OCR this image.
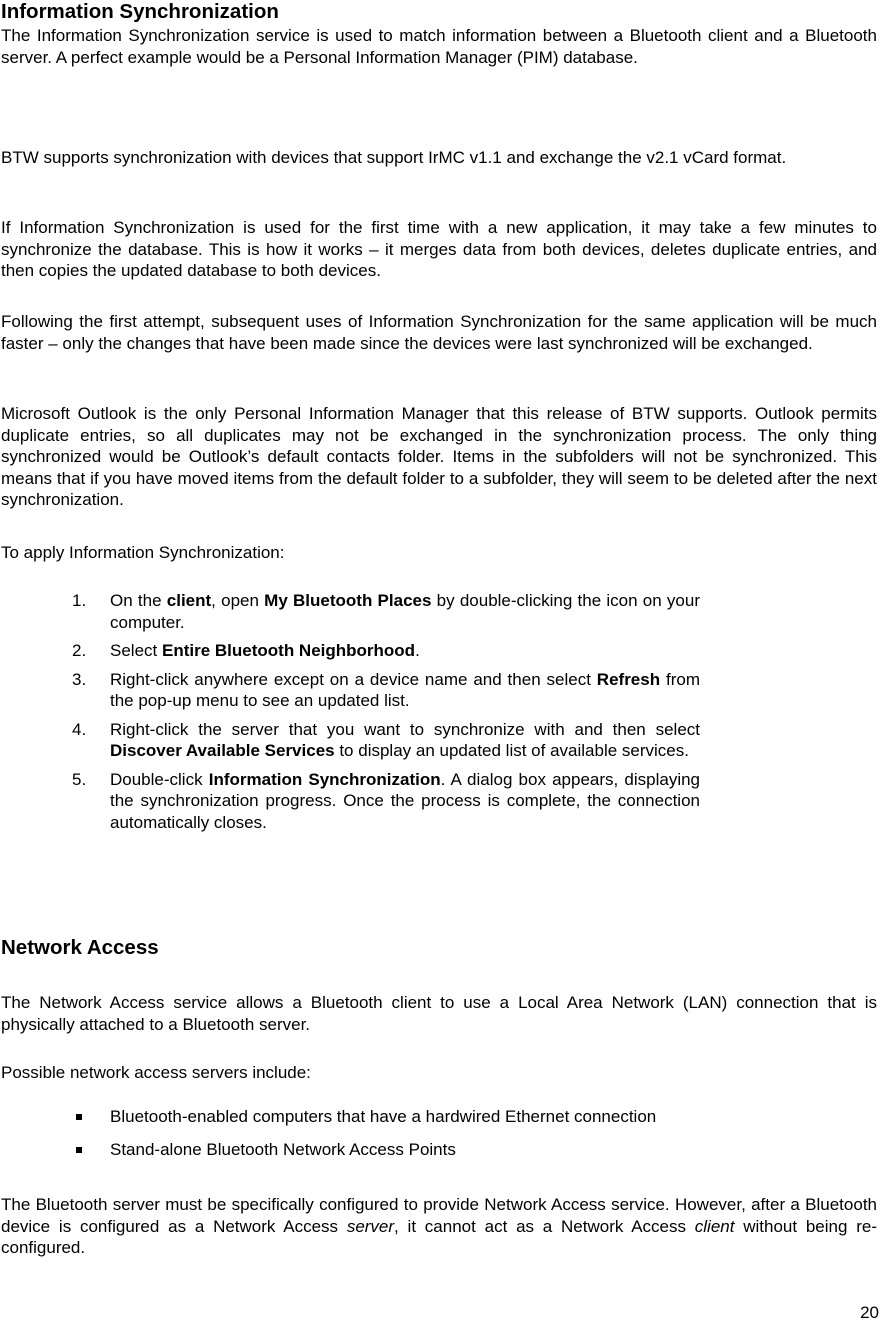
Information Synchronization

The Information Synchronization service is used to match information between a Bluetooth client and a Bluetooth server. A perfect example would be a Personal Information Manager (PIM) database.

BTW supports synchronization with devices that support IrMC v1.1 and exchange the v2.1 vCard format.

If Information Synchronization is used for the first time with a new application, it may take a few minutes to synchronize the database. This is how it works – it merges data from both devices, deletes duplicate entries, and then copies the updated database to both devices.

Following the first attempt, subsequent uses of Information Synchronization for the same application will be much faster – only the changes that have been made since the devices were last synchronized will be exchanged.

Microsoft Outlook is the only Personal Information Manager that this release of BTW supports. Outlook permits duplicate entries, so all duplicates may not be exchanged in the synchronization process. The only thing synchronized would be Outlook’s default contacts folder. Items in the subfolders will not be synchronized. This means that if you have moved items from the default folder to a subfolder, they will seem to be deleted after the next synchronization.

To apply Information Synchronization:

1. On the client, open My Bluetooth Places by double-clicking the icon on your computer.
2. Select Entire Bluetooth Neighborhood.
3. Right-click anywhere except on a device name and then select Refresh from the pop-up menu to see an updated list.
4. Right-click the server that you want to synchronize with and then select Discover Available Services to display an updated list of available services.
5. Double-click Information Synchronization. A dialog box appears, displaying the synchronization progress. Once the process is complete, the connection automatically closes.
Network Access

The Network Access service allows a Bluetooth client to use a Local Area Network (LAN) connection that is physically attached to a Bluetooth server.

Possible network access servers include:

Bluetooth-enabled computers that have a hardwired Ethernet connection
Stand-alone Bluetooth Network Access Points

The Bluetooth server must be specifically configured to provide Network Access service. However, after a Bluetooth device is configured as a Network Access server, it cannot act as a Network Access client without being re-configured.

20
